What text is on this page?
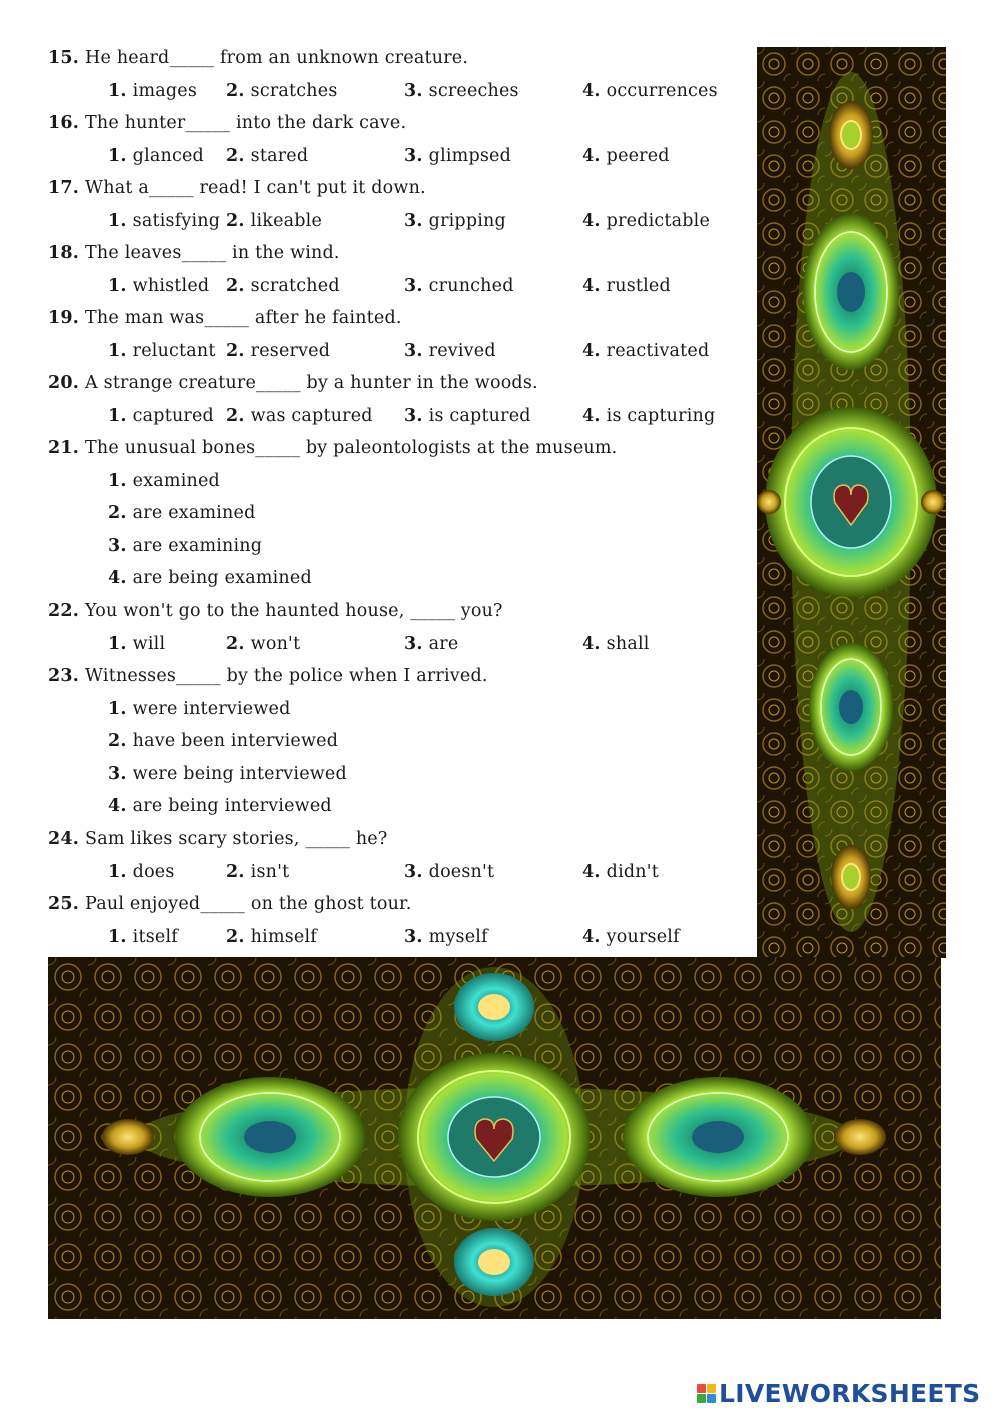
15. He heard_____ from an unknown creature.
1. images 2. scratches	3. screeches	4. occurrences
16. The hunter_____ into the dark cave.
1. glanced 2. stared	3. glimpsed	4. peered
17. What a_____ read! I can't put it down.
1. satisfying 2. likeable	3. gripping	4. predictable
18. The leaves_____ in the wind.
1. whistled 2. scratched	3. crunched	4. rustled
19. The man was_____ after he fainted.
1. reluctant 2. reserved	3. revived	4. reactivated
20. A strange creature_____ by a hunter in the woods.
1. captured 2. was captured 3. is captured	4. is capturing
21. The unusual bones_____ by paleontologists at the museum.
1. examined
2. are examined
3. are examining
4. are being examined
22. You won't go to the haunted house, _____ you?
1. will	2. won't	3. are	4. shall
23. Witnesses_____ by the police when I arrived.
1. were interviewed
2. have been interviewed
3. were being interviewed
4. are being interviewed
24. Sam likes scary stories, _____ he?
1. does	2. isn't	3. doesn't	4. didn't
25. Paul enjoyed_____ on the ghost tour.
1. itself	2. himself	3. myself	4. yourself
LIVEWORKSHEETS
